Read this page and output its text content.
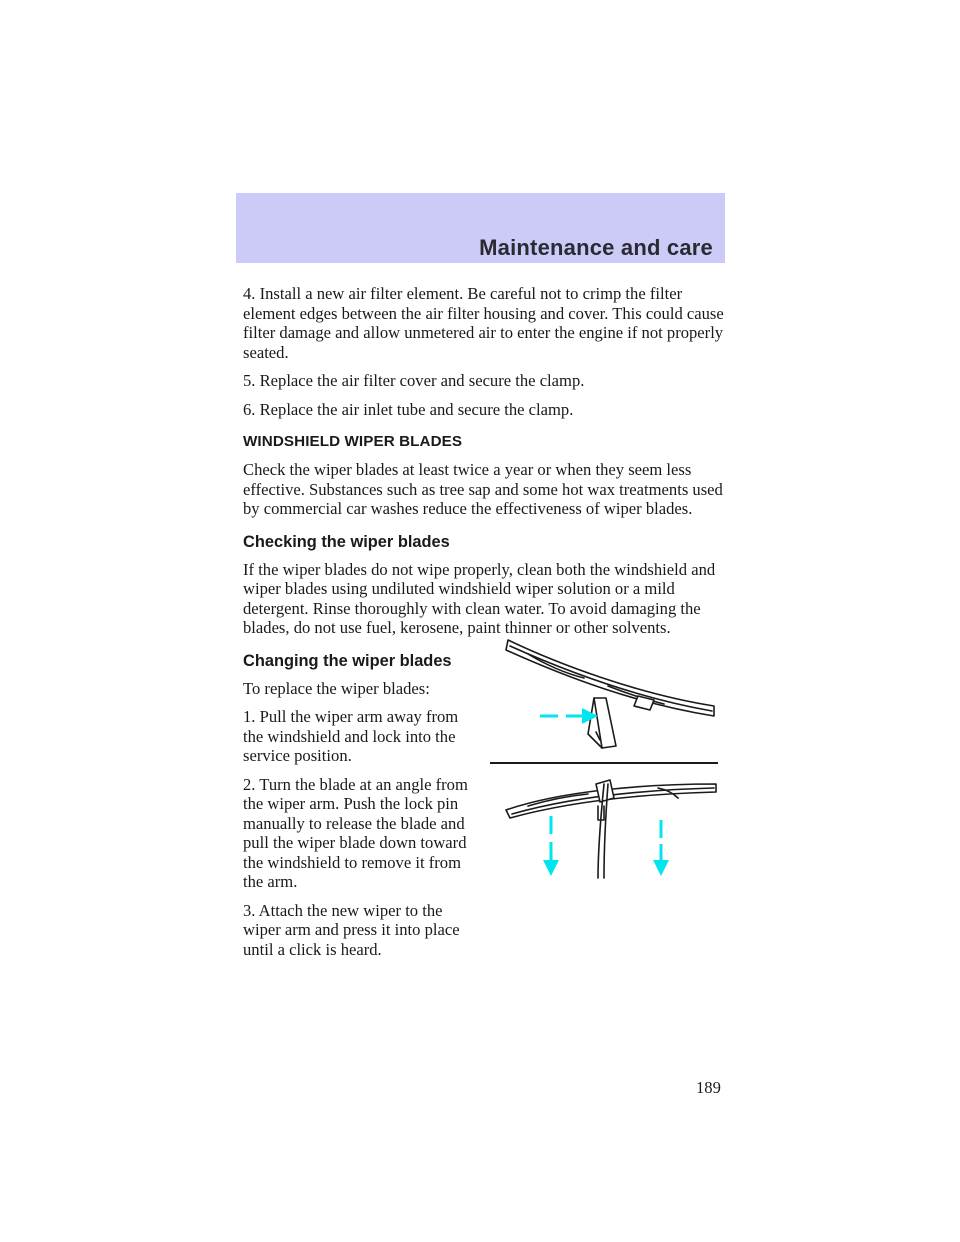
Maintenance and care

4. Install a new air filter element. Be careful not to crimp the filter element edges between the air filter housing and cover. This could cause filter damage and allow unmetered air to enter the engine if not properly seated.

5. Replace the air filter cover and secure the clamp.

6. Replace the air inlet tube and secure the clamp.

WINDSHIELD WIPER BLADES

Check the wiper blades at least twice a year or when they seem less effective. Substances such as tree sap and some hot wax treatments used by commercial car washes reduce the effectiveness of wiper blades.

Checking the wiper blades

If the wiper blades do not wipe properly, clean both the windshield and wiper blades using undiluted windshield wiper solution or a mild detergent. Rinse thoroughly with clean water. To avoid damaging the blades, do not use fuel, kerosene, paint thinner or other solvents.

Changing the wiper blades

To replace the wiper blades:

1. Pull the wiper arm away from the windshield and lock into the service position.

2. Turn the blade at an angle from the wiper arm. Push the lock pin manually to release the blade and pull the wiper blade down toward the windshield to remove it from the arm.

3. Attach the new wiper to the wiper arm and press it into place until a click is heard.

189
